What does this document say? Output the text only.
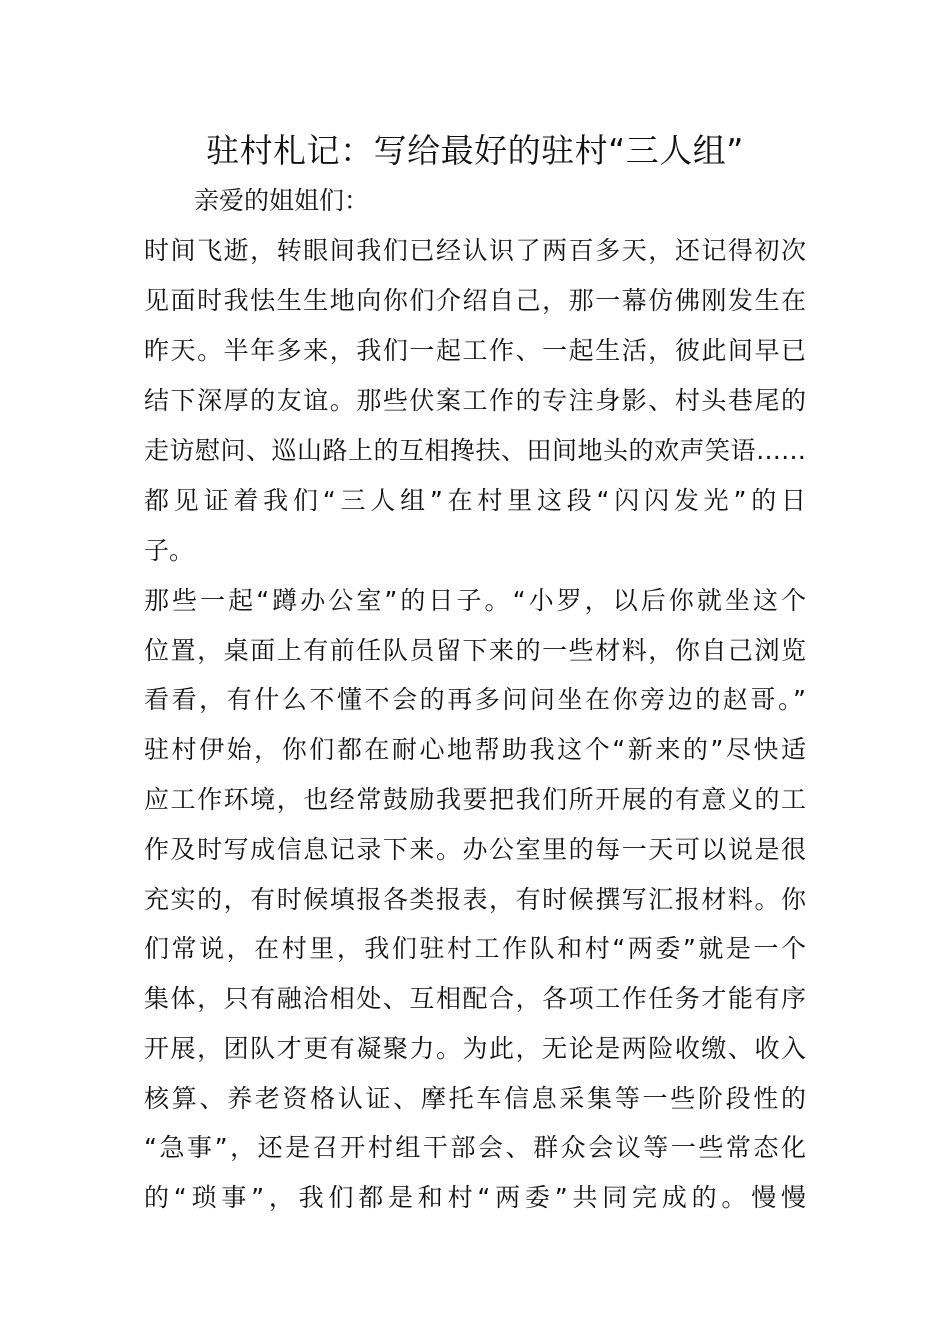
驻村札记：写给最好的驻村“三人组”
亲爱的姐姐们：
时间飞逝，转眼间我们已经认识了两百多天，还记得初次
见面时我怯生生地向你们介绍自己，那一幕仿佛刚发生在
昨天。半年多来，我们一起工作、一起生活，彼此间早已
结下深厚的友谊。那些伏案工作的专注身影、村头巷尾的
走访慰问、巡山路上的互相搀扶、田间地头的欢声笑语……
都见证着我们“三人组”在村里这段“闪闪发光”的日
子。
那些一起“蹲办公室”的日子。“小罗，以后你就坐这个
位置，桌面上有前任队员留下来的一些材料，你自己浏览
看看，有什么不懂不会的再多问问坐在你旁边的赵哥。”
驻村伊始，你们都在耐心地帮助我这个“新来的”尽快适
应工作环境，也经常鼓励我要把我们所开展的有意义的工
作及时写成信息记录下来。办公室里的每一天可以说是很
充实的，有时候填报各类报表，有时候撰写汇报材料。你
们常说，在村里，我们驻村工作队和村“两委”就是一个
集体，只有融洽相处、互相配合，各项工作任务才能有序
开展，团队才更有凝聚力。为此，无论是两险收缴、收入
核算、养老资格认证、摩托车信息采集等一些阶段性的
“急事”，还是召开村组干部会、群众会议等一些常态化
的“琐事”，我们都是和村“两委”共同完成的。慢慢
